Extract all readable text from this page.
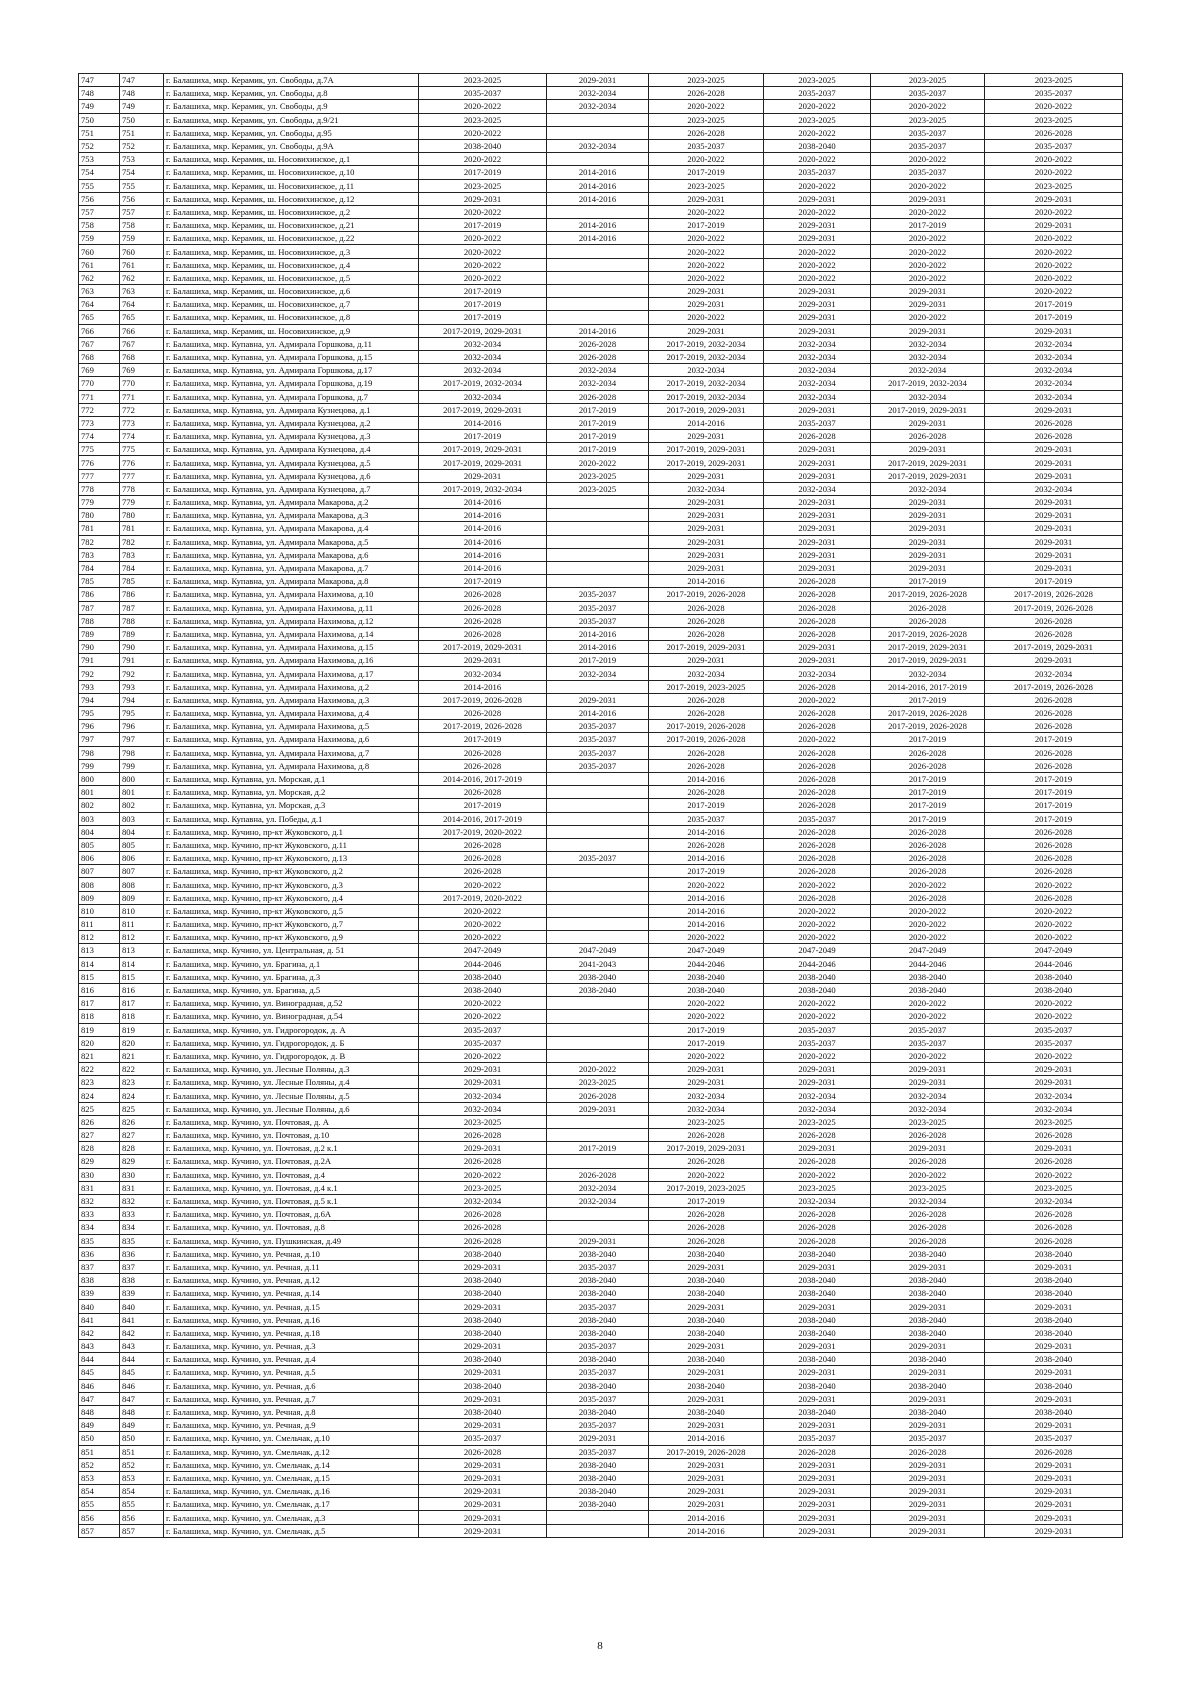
747	747	г. Балашиха, мкр. Керамик, ул. Свободы, д.7А	2023-2025	2029-2031	2023-2025	2023-2025	2023-2025	2023-2025
748	748	г. Балашиха, мкр. Керамик, ул. Свободы, д.8	2035-2037	2032-2034	2026-2028	2035-2037	2035-2037	2035-2037
749	749	г. Балашиха, мкр. Керамик, ул. Свободы, д.9	2020-2022	2032-2034	2020-2022	2020-2022	2020-2022	2020-2022
750	750	г. Балашиха, мкр. Керамик, ул. Свободы, д.9/21	2023-2025		2023-2025	2023-2025	2023-2025	2023-2025
751	751	г. Балашиха, мкр. Керамик, ул. Свободы, д.95	2020-2022		2026-2028	2020-2022	2035-2037	2026-2028
752	752	г. Балашиха, мкр. Керамик, ул. Свободы, д.9А	2038-2040	2032-2034	2035-2037	2038-2040	2035-2037	2035-2037
753	753	г. Балашиха, мкр. Керамик, ш. Носовихинское, д.1	2020-2022		2020-2022	2020-2022	2020-2022	2020-2022
754	754	г. Балашиха, мкр. Керамик, ш. Носовихинское, д.10	2017-2019	2014-2016	2017-2019	2035-2037	2035-2037	2020-2022
755	755	г. Балашиха, мкр. Керамик, ш. Носовихинское, д.11	2023-2025	2014-2016	2023-2025	2020-2022	2020-2022	2023-2025
756	756	г. Балашиха, мкр. Керамик, ш. Носовихинское, д.12	2029-2031	2014-2016	2029-2031	2029-2031	2029-2031	2029-2031
757	757	г. Балашиха, мкр. Керамик, ш. Носовихинское, д.2	2020-2022		2020-2022	2020-2022	2020-2022	2020-2022
758	758	г. Балашиха, мкр. Керамик, ш. Носовихинское, д.21	2017-2019	2014-2016	2017-2019	2029-2031	2017-2019	2029-2031
759	759	г. Балашиха, мкр. Керамик, ш. Носовихинское, д.22	2020-2022	2014-2016	2020-2022	2029-2031	2020-2022	2020-2022
760	760	г. Балашиха, мкр. Керамик, ш. Носовихинское, д.3	2020-2022		2020-2022	2020-2022	2020-2022	2020-2022
761	761	г. Балашиха, мкр. Керамик, ш. Носовихинское, д.4	2020-2022		2020-2022	2020-2022	2020-2022	2020-2022
762	762	г. Балашиха, мкр. Керамик, ш. Носовихинское, д.5	2020-2022		2020-2022	2020-2022	2020-2022	2020-2022
763	763	г. Балашиха, мкр. Керамик, ш. Носовихинское, д.6	2017-2019		2029-2031	2029-2031	2029-2031	2020-2022
764	764	г. Балашиха, мкр. Керамик, ш. Носовихинское, д.7	2017-2019		2029-2031	2029-2031	2029-2031	2017-2019
765	765	г. Балашиха, мкр. Керамик, ш. Носовихинское, д.8	2017-2019		2020-2022	2029-2031	2020-2022	2017-2019
766	766	г. Балашиха, мкр. Керамик, ш. Носовихинское, д.9	2017-2019, 2029-2031	2014-2016	2029-2031	2029-2031	2029-2031	2029-2031
767	767	г. Балашиха, мкр. Купавна, ул. Адмирала Горшкова, д.11	2032-2034	2026-2028	2017-2019, 2032-2034	2032-2034	2032-2034	2032-2034
768	768	г. Балашиха, мкр. Купавна, ул. Адмирала Горшкова, д.15	2032-2034	2026-2028	2017-2019, 2032-2034	2032-2034	2032-2034	2032-2034
769	769	г. Балашиха, мкр. Купавна, ул. Адмирала Горшкова, д.17	2032-2034	2032-2034	2032-2034	2032-2034	2032-2034	2032-2034
770	770	г. Балашиха, мкр. Купавна, ул. Адмирала Горшкова, д.19	2017-2019, 2032-2034	2032-2034	2017-2019, 2032-2034	2032-2034	2017-2019, 2032-2034	2032-2034
771	771	г. Балашиха, мкр. Купавна, ул. Адмирала Горшкова, д.7	2032-2034	2026-2028	2017-2019, 2032-2034	2032-2034	2032-2034	2032-2034
772	772	г. Балашиха, мкр. Купавна, ул. Адмирала Кузнецова, д.1	2017-2019, 2029-2031	2017-2019	2017-2019, 2029-2031	2029-2031	2017-2019, 2029-2031	2029-2031
773	773	г. Балашиха, мкр. Купавна, ул. Адмирала Кузнецова, д.2	2014-2016	2017-2019	2014-2016	2035-2037	2029-2031	2026-2028
774	774	г. Балашиха, мкр. Купавна, ул. Адмирала Кузнецова, д.3	2017-2019	2017-2019	2029-2031	2026-2028	2026-2028	2026-2028
775	775	г. Балашиха, мкр. Купавна, ул. Адмирала Кузнецова, д.4	2017-2019, 2029-2031	2017-2019	2017-2019, 2029-2031	2029-2031	2029-2031	2029-2031
776	776	г. Балашиха, мкр. Купавна, ул. Адмирала Кузнецова, д.5	2017-2019, 2029-2031	2020-2022	2017-2019, 2029-2031	2029-2031	2017-2019, 2029-2031	2029-2031
777	777	г. Балашиха, мкр. Купавна, ул. Адмирала Кузнецова, д.6	2029-2031	2023-2025	2029-2031	2029-2031	2017-2019, 2029-2031	2029-2031
778	778	г. Балашиха, мкр. Купавна, ул. Адмирала Кузнецова, д.7	2017-2019, 2032-2034	2023-2025	2032-2034	2032-2034	2032-2034	2032-2034
779	779	г. Балашиха, мкр. Купавна, ул. Адмирала Макарова, д.2	2014-2016		2029-2031	2029-2031	2029-2031	2029-2031
780	780	г. Балашиха, мкр. Купавна, ул. Адмирала Макарова, д.3	2014-2016		2029-2031	2029-2031	2029-2031	2029-2031
781	781	г. Балашиха, мкр. Купавна, ул. Адмирала Макарова, д.4	2014-2016		2029-2031	2029-2031	2029-2031	2029-2031
782	782	г. Балашиха, мкр. Купавна, ул. Адмирала Макарова, д.5	2014-2016		2029-2031	2029-2031	2029-2031	2029-2031
783	783	г. Балашиха, мкр. Купавна, ул. Адмирала Макарова, д.6	2014-2016		2029-2031	2029-2031	2029-2031	2029-2031
784	784	г. Балашиха, мкр. Купавна, ул. Адмирала Макарова, д.7	2014-2016		2029-2031	2029-2031	2029-2031	2029-2031
785	785	г. Балашиха, мкр. Купавна, ул. Адмирала Макарова, д.8	2017-2019		2014-2016	2026-2028	2017-2019	2017-2019
786	786	г. Балашиха, мкр. Купавна, ул. Адмирала Нахимова, д.10	2026-2028	2035-2037	2017-2019, 2026-2028	2026-2028	2017-2019, 2026-2028	2017-2019, 2026-2028
787	787	г. Балашиха, мкр. Купавна, ул. Адмирала Нахимова, д.11	2026-2028	2035-2037	2026-2028	2026-2028	2026-2028	2017-2019, 2026-2028
788	788	г. Балашиха, мкр. Купавна, ул. Адмирала Нахимова, д.12	2026-2028	2035-2037	2026-2028	2026-2028	2026-2028	2026-2028
789	789	г. Балашиха, мкр. Купавна, ул. Адмирала Нахимова, д.14	2026-2028	2014-2016	2026-2028	2026-2028	2017-2019, 2026-2028	2026-2028
790	790	г. Балашиха, мкр. Купавна, ул. Адмирала Нахимова, д.15	2017-2019, 2029-2031	2014-2016	2017-2019, 2029-2031	2029-2031	2017-2019, 2029-2031	2017-2019, 2029-2031
791	791	г. Балашиха, мкр. Купавна, ул. Адмирала Нахимова, д.16	2029-2031	2017-2019	2029-2031	2029-2031	2017-2019, 2029-2031	2029-2031
792	792	г. Балашиха, мкр. Купавна, ул. Адмирала Нахимова, д.17	2032-2034	2032-2034	2032-2034	2032-2034	2032-2034	2032-2034
793	793	г. Балашиха, мкр. Купавна, ул. Адмирала Нахимова, д.2	2014-2016		2017-2019, 2023-2025	2026-2028	2014-2016, 2017-2019	2017-2019, 2026-2028
794	794	г. Балашиха, мкр. Купавна, ул. Адмирала Нахимова, д.3	2017-2019, 2026-2028	2029-2031	2026-2028	2020-2022	2017-2019	2026-2028
795	795	г. Балашиха, мкр. Купавна, ул. Адмирала Нахимова, д.4	2026-2028	2014-2016	2026-2028	2026-2028	2017-2019, 2026-2028	2026-2028
796	796	г. Балашиха, мкр. Купавна, ул. Адмирала Нахимова, д.5	2017-2019, 2026-2028	2035-2037	2017-2019, 2026-2028	2026-2028	2017-2019, 2026-2028	2026-2028
797	797	г. Балашиха, мкр. Купавна, ул. Адмирала Нахимова, д.6	2017-2019	2035-2037	2017-2019, 2026-2028	2020-2022	2017-2019	2017-2019
798	798	г. Балашиха, мкр. Купавна, ул. Адмирала Нахимова, д.7	2026-2028	2035-2037	2026-2028	2026-2028	2026-2028	2026-2028
799	799	г. Балашиха, мкр. Купавна, ул. Адмирала Нахимова, д.8	2026-2028	2035-2037	2026-2028	2026-2028	2026-2028	2026-2028
800	800	г. Балашиха, мкр. Купавна, ул. Морская, д.1	2014-2016, 2017-2019		2014-2016	2026-2028	2017-2019	2017-2019
801	801	г. Балашиха, мкр. Купавна, ул. Морская, д.2	2026-2028		2026-2028	2026-2028	2017-2019	2017-2019
802	802	г. Балашиха, мкр. Купавна, ул. Морская, д.3	2017-2019		2017-2019	2026-2028	2017-2019	2017-2019
803	803	г. Балашиха, мкр. Купавна, ул. Победы, д.1	2014-2016, 2017-2019		2035-2037	2035-2037	2017-2019	2017-2019
804	804	г. Балашиха, мкр. Кучино, пр-кт Жуковского, д.1	2017-2019, 2020-2022		2014-2016	2026-2028	2026-2028	2026-2028
805	805	г. Балашиха, мкр. Кучино, пр-кт Жуковского, д.11	2026-2028		2026-2028	2026-2028	2026-2028	2026-2028
806	806	г. Балашиха, мкр. Кучино, пр-кт Жуковского, д.13	2026-2028	2035-2037	2014-2016	2026-2028	2026-2028	2026-2028
807	807	г. Балашиха, мкр. Кучино, пр-кт Жуковского, д.2	2026-2028		2017-2019	2026-2028	2026-2028	2026-2028
808	808	г. Балашиха, мкр. Кучино, пр-кт Жуковского, д.3	2020-2022		2020-2022	2020-2022	2020-2022	2020-2022
809	809	г. Балашиха, мкр. Кучино, пр-кт Жуковского, д.4	2017-2019, 2020-2022		2014-2016	2026-2028	2026-2028	2026-2028
810	810	г. Балашиха, мкр. Кучино, пр-кт Жуковского, д.5	2020-2022		2014-2016	2020-2022	2020-2022	2020-2022
811	811	г. Балашиха, мкр. Кучино, пр-кт Жуковского, д.7	2020-2022		2014-2016	2020-2022	2020-2022	2020-2022
812	812	г. Балашиха, мкр. Кучино, пр-кт Жуковского, д.9	2020-2022		2020-2022	2020-2022	2020-2022	2020-2022
813	813	г. Балашиха, мкр. Кучино, ул. Центральная, д. 51	2047-2049	2047-2049	2047-2049	2047-2049	2047-2049	2047-2049
814	814	г. Балашиха, мкр. Кучино, ул. Брагина, д.1	2044-2046	2041-2043	2044-2046	2044-2046	2044-2046	2044-2046
815	815	г. Балашиха, мкр. Кучино, ул. Брагина, д.3	2038-2040	2038-2040	2038-2040	2038-2040	2038-2040	2038-2040
816	816	г. Балашиха, мкр. Кучино, ул. Брагина, д.5	2038-2040	2038-2040	2038-2040	2038-2040	2038-2040	2038-2040
817	817	г. Балашиха, мкр. Кучино, ул. Виноградная, д.52	2020-2022		2020-2022	2020-2022	2020-2022	2020-2022
818	818	г. Балашиха, мкр. Кучино, ул. Виноградная, д.54	2020-2022		2020-2022	2020-2022	2020-2022	2020-2022
819	819	г. Балашиха, мкр. Кучино, ул. Гидрогородок, д. А	2035-2037		2017-2019	2035-2037	2035-2037	2035-2037
820	820	г. Балашиха, мкр. Кучино, ул. Гидрогородок, д. Б	2035-2037		2017-2019	2035-2037	2035-2037	2035-2037
821	821	г. Балашиха, мкр. Кучино, ул. Гидрогородок, д. В	2020-2022		2020-2022	2020-2022	2020-2022	2020-2022
822	822	г. Балашиха, мкр. Кучино, ул. Лесные Поляны, д.3	2029-2031	2020-2022	2029-2031	2029-2031	2029-2031	2029-2031
823	823	г. Балашиха, мкр. Кучино, ул. Лесные Поляны, д.4	2029-2031	2023-2025	2029-2031	2029-2031	2029-2031	2029-2031
824	824	г. Балашиха, мкр. Кучино, ул. Лесные Поляны, д.5	2032-2034	2026-2028	2032-2034	2032-2034	2032-2034	2032-2034
825	825	г. Балашиха, мкр. Кучино, ул. Лесные Поляны, д.6	2032-2034	2029-2031	2032-2034	2032-2034	2032-2034	2032-2034
826	826	г. Балашиха, мкр. Кучино, ул. Почтовая, д. А	2023-2025		2023-2025	2023-2025	2023-2025	2023-2025
827	827	г. Балашиха, мкр. Кучино, ул. Почтовая, д.10	2026-2028		2026-2028	2026-2028	2026-2028	2026-2028
828	828	г. Балашиха, мкр. Кучино, ул. Почтовая, д.2 к.1	2029-2031	2017-2019	2017-2019, 2029-2031	2029-2031	2029-2031	2029-2031
829	829	г. Балашиха, мкр. Кучино, ул. Почтовая, д.2А	2026-2028		2026-2028	2026-2028	2026-2028	2026-2028
830	830	г. Балашиха, мкр. Кучино, ул. Почтовая, д.4	2020-2022	2026-2028	2020-2022	2020-2022	2020-2022	2020-2022
831	831	г. Балашиха, мкр. Кучино, ул. Почтовая, д.4 к.1	2023-2025	2032-2034	2017-2019, 2023-2025	2023-2025	2023-2025	2023-2025
832	832	г. Балашиха, мкр. Кучино, ул. Почтовая, д.5 к.1	2032-2034	2032-2034	2017-2019	2032-2034	2032-2034	2032-2034
833	833	г. Балашиха, мкр. Кучино, ул. Почтовая, д.6А	2026-2028		2026-2028	2026-2028	2026-2028	2026-2028
834	834	г. Балашиха, мкр. Кучино, ул. Почтовая, д.8	2026-2028		2026-2028	2026-2028	2026-2028	2026-2028
835	835	г. Балашиха, мкр. Кучино, ул. Пушкинская, д.49	2026-2028	2029-2031	2026-2028	2026-2028	2026-2028	2026-2028
836	836	г. Балашиха, мкр. Кучино, ул. Речная, д.10	2038-2040	2038-2040	2038-2040	2038-2040	2038-2040	2038-2040
837	837	г. Балашиха, мкр. Кучино, ул. Речная, д.11	2029-2031	2035-2037	2029-2031	2029-2031	2029-2031	2029-2031
838	838	г. Балашиха, мкр. Кучино, ул. Речная, д.12	2038-2040	2038-2040	2038-2040	2038-2040	2038-2040	2038-2040
839	839	г. Балашиха, мкр. Кучино, ул. Речная, д.14	2038-2040	2038-2040	2038-2040	2038-2040	2038-2040	2038-2040
840	840	г. Балашиха, мкр. Кучино, ул. Речная, д.15	2029-2031	2035-2037	2029-2031	2029-2031	2029-2031	2029-2031
841	841	г. Балашиха, мкр. Кучино, ул. Речная, д.16	2038-2040	2038-2040	2038-2040	2038-2040	2038-2040	2038-2040
842	842	г. Балашиха, мкр. Кучино, ул. Речная, д.18	2038-2040	2038-2040	2038-2040	2038-2040	2038-2040	2038-2040
843	843	г. Балашиха, мкр. Кучино, ул. Речная, д.3	2029-2031	2035-2037	2029-2031	2029-2031	2029-2031	2029-2031
844	844	г. Балашиха, мкр. Кучино, ул. Речная, д.4	2038-2040	2038-2040	2038-2040	2038-2040	2038-2040	2038-2040
845	845	г. Балашиха, мкр. Кучино, ул. Речная, д.5	2029-2031	2035-2037	2029-2031	2029-2031	2029-2031	2029-2031
846	846	г. Балашиха, мкр. Кучино, ул. Речная, д.6	2038-2040	2038-2040	2038-2040	2038-2040	2038-2040	2038-2040
847	847	г. Балашиха, мкр. Кучино, ул. Речная, д.7	2029-2031	2035-2037	2029-2031	2029-2031	2029-2031	2029-2031
848	848	г. Балашиха, мкр. Кучино, ул. Речная, д.8	2038-2040	2038-2040	2038-2040	2038-2040	2038-2040	2038-2040
849	849	г. Балашиха, мкр. Кучино, ул. Речная, д.9	2029-2031	2035-2037	2029-2031	2029-2031	2029-2031	2029-2031
850	850	г. Балашиха, мкр. Кучино, ул. Смельчак, д.10	2035-2037	2029-2031	2014-2016	2035-2037	2035-2037	2035-2037
851	851	г. Балашиха, мкр. Кучино, ул. Смельчак, д.12	2026-2028	2035-2037	2017-2019, 2026-2028	2026-2028	2026-2028	2026-2028
852	852	г. Балашиха, мкр. Кучино, ул. Смельчак, д.14	2029-2031	2038-2040	2029-2031	2029-2031	2029-2031	2029-2031
853	853	г. Балашиха, мкр. Кучино, ул. Смельчак, д.15	2029-2031	2038-2040	2029-2031	2029-2031	2029-2031	2029-2031
854	854	г. Балашиха, мкр. Кучино, ул. Смельчак, д.16	2029-2031	2038-2040	2029-2031	2029-2031	2029-2031	2029-2031
855	855	г. Балашиха, мкр. Кучино, ул. Смельчак, д.17	2029-2031	2038-2040	2029-2031	2029-2031	2029-2031	2029-2031
856	856	г. Балашиха, мкр. Кучино, ул. Смельчак, д.3	2029-2031		2014-2016	2029-2031	2029-2031	2029-2031
857	857	г. Балашиха, мкр. Кучино, ул. Смельчак, д.5	2029-2031		2014-2016	2029-2031	2029-2031	2029-2031
8
